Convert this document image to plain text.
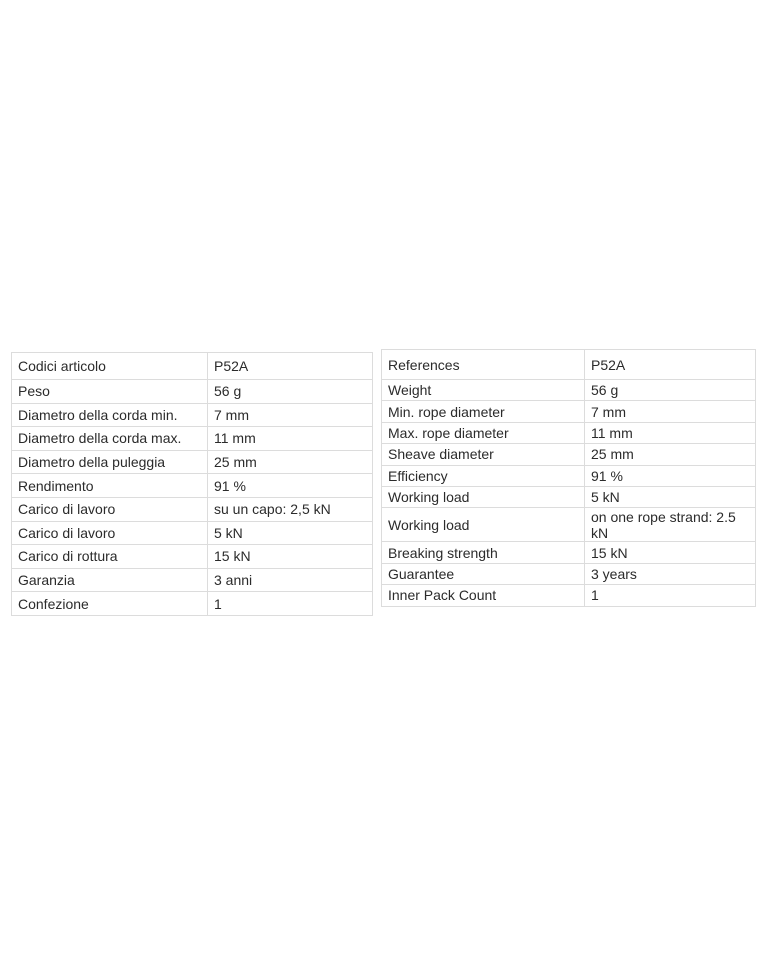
Codici articolo	P52A
Peso	56 g
Diametro della corda min.	7 mm
Diametro della corda max.	11 mm
Diametro della puleggia	25 mm
Rendimento	91 %
Carico di lavoro	su un capo: 2,5 kN
Carico di lavoro	5 kN
Carico di rottura	15 kN
Garanzia	3 anni
Confezione	1
References	P52A
Weight	56 g
Min. rope diameter	7 mm
Max. rope diameter	11 mm
Sheave diameter	25 mm
Efficiency	91 %
Working load	5 kN
Working load	on one rope strand: 2.5 kN
Breaking strength	15 kN
Guarantee	3 years
Inner Pack Count	1
